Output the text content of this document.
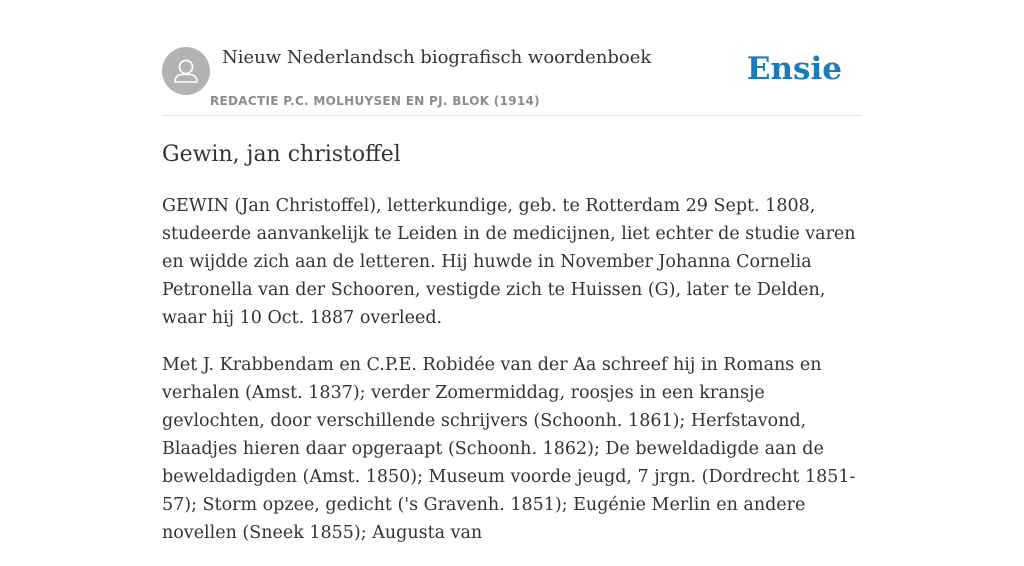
Nieuw Nederlandsch biografisch woordenboek
REDACTIE P.C. MOLHUYSEN EN PJ. BLOK (1914)
Ensie
Gewin, jan christoffel

GEWIN (Jan Christoffel), letterkundige, geb. te Rotterdam 29 Sept. 1808, studeerde aanvankelijk te Leiden in de medicijnen, liet echter de studie varen en wijdde zich aan de letteren. Hij huwde in November Johanna Cornelia Petronella van der Schooren, vestigde zich te Huissen (G), later te Delden, waar hij 10 Oct. 1887 overleed.

Met J. Krabbendam en C.P.E. Robidée van der Aa schreef hij in Romans en verhalen (Amst. 1837); verder Zomermiddag, roosjes in een kransje gevlochten, door verschillende schrijvers (Schoonh. 1861); Herfstavond, Blaadjes hieren daar opgeraapt (Schoonh. 1862); De beweldadigde aan de beweldadigden (Amst. 1850); Museum voorde jeugd, 7 jrgn. (Dordrecht 1851-57); Storm opzee, gedicht ('s Gravenh. 1851); Eugénie Merlin en andere novellen (Sneek 1855); Augusta van
